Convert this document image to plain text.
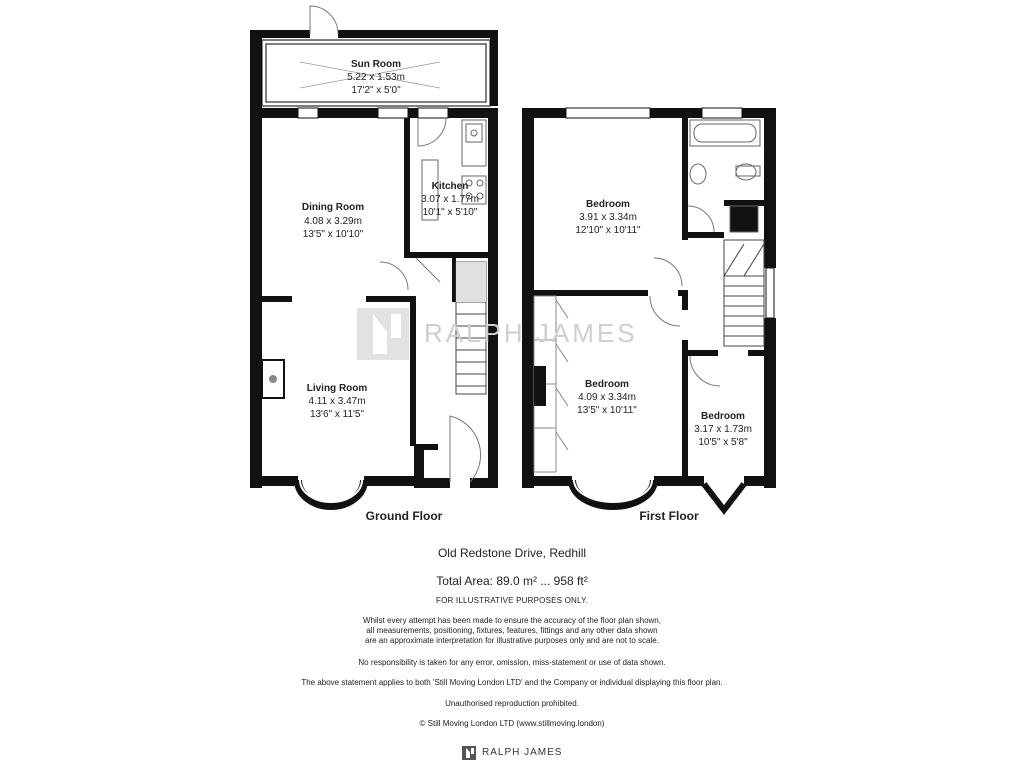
Sun Room
5.22 x 1.53m
17'2" x 5'0"
Dining Room
4.08 x 3.29m
13'5" x 10'10"
Kitchen
3.07 x 1.77m
10'1" x 5'10"
Living Room
4.11 x 3.47m
13'6" x 11'5"
Ground Floor
Bedroom
3.91 x 3.34m
12'10" x 10'11"
Bedroom
4.09 x 3.34m
13'5" x 10'11"
Bedroom
3.17 x 1.73m
10'5" x 5'8"
First Floor
RALPH JAMES
Old Redstone Drive, Redhill
Total Area: 89.0 m² ... 958 ft²
FOR ILLUSTRATIVE PURPOSES ONLY.
Whilst every attempt has been made to ensure the accuracy of the floor plan shown,
all measurements, positioning, fixtures, features, fittings and any other data shown
are an approximate interpretation for illustrative purposes only and are not to scale.
No responsibility is taken for any error, omission, miss-statement or use of data shown.
The above statement applies to both 'Still Moving London LTD' and the Company or individual displaying this floor plan.
Unauthorised reproduction prohibited.
© Still Moving London LTD (www.stillmoving.london)
RALPH JAMES
